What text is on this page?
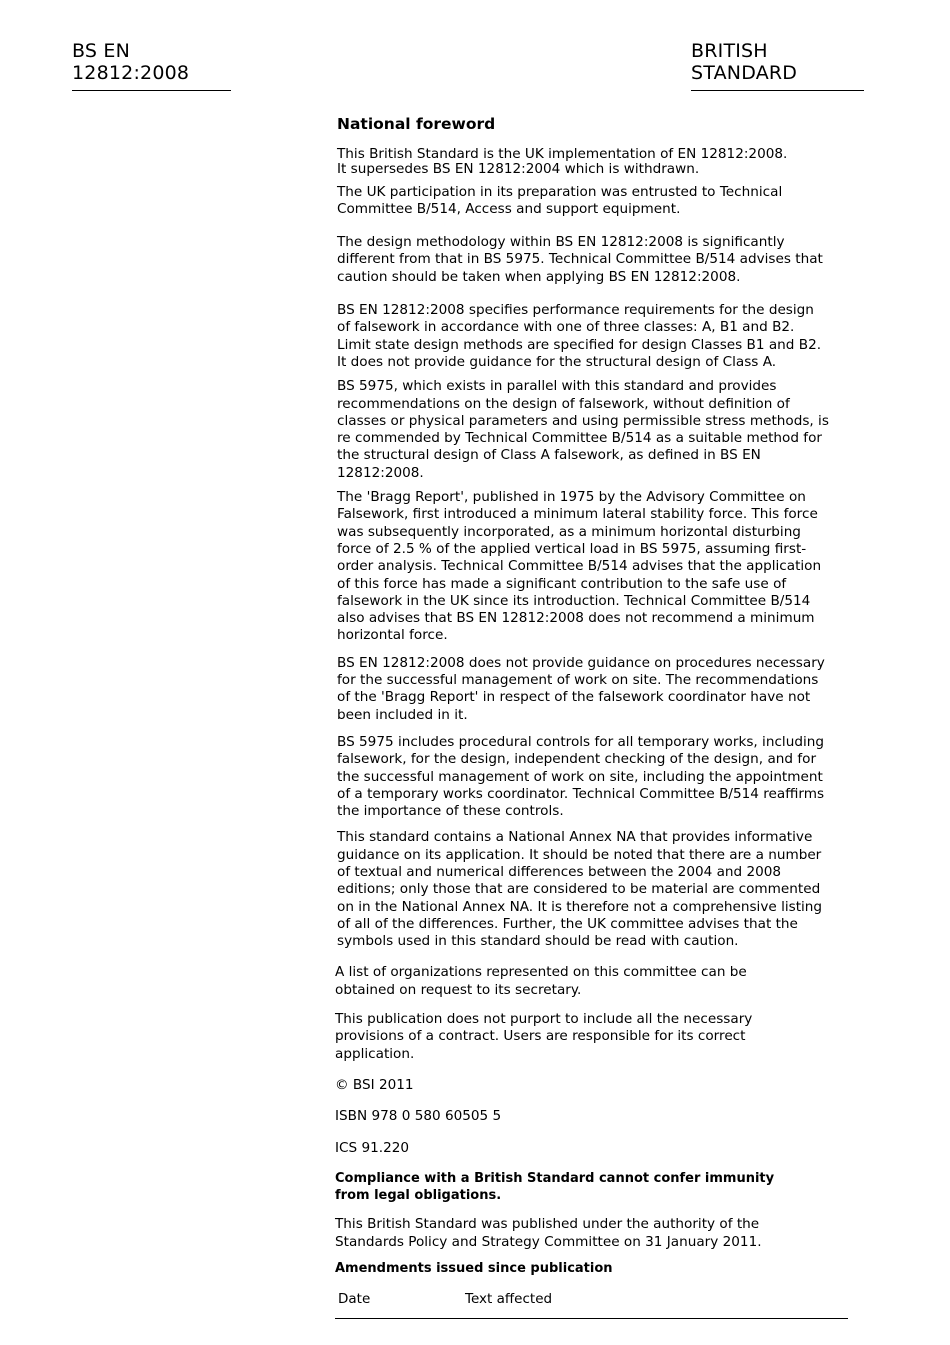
BS EN 12812:2008
BRITISH STANDARD
National foreword

This British Standard is the UK implementation of EN 12812:2008.

It supersedes BS EN 12812:2004 which is withdrawn.

The UK participation in its preparation was entrusted to Technical Committee B/514, Access and support equipment.

The design methodology within BS EN 12812:2008 is significantly different from that in BS 5975. Technical Committee B/514 advises that caution should be taken when applying BS EN 12812:2008.

BS EN 12812:2008 specifies performance requirements for the design of falsework in accordance with one of three classes: A, B1 and B2. Limit state design methods are specified for design Classes B1 and B2. It does not provide guidance for the structural design of Class A.

BS 5975, which exists in parallel with this standard and provides recommendations on the design of falsework, without definition of classes or physical parameters and using permissible stress methods, is re commended by Technical Committee B/514 as a suitable method for the structural design of Class A falsework, as defined in BS EN 12812:2008.

The 'Bragg Report', published in 1975 by the Advisory Committee on Falsework, first introduced a minimum lateral stability force. This force was subsequently incorporated, as a minimum horizontal disturbing force of 2.5 % of the applied vertical load in BS 5975, assuming first-order analysis. Technical Committee B/514 advises that the application of this force has made a significant contribution to the safe use of falsework in the UK since its introduction. Technical Committee B/514 also advises that BS EN 12812:2008 does not recommend a minimum horizontal force.

BS EN 12812:2008 does not provide guidance on procedures necessary for the successful management of work on site. The recommendations of the 'Bragg Report' in respect of the falsework coordinator have not been included in it.

BS 5975 includes procedural controls for all temporary works, including falsework, for the design, independent checking of the design, and for the successful management of work on site, including the appointment of a temporary works coordinator. Technical Committee B/514 reaffirms the importance of these controls.

This standard contains a National Annex NA that provides informative guidance on its application. It should be noted that there are a number of textual and numerical differences between the 2004 and 2008 editions; only those that are considered to be material are commented on in the National Annex NA. It is therefore not a comprehensive listing of all of the differences. Further, the UK committee advises that the symbols used in this standard should be read with caution.

A list of organizations represented on this committee can be obtained on request to its secretary.

This publication does not purport to include all the necessary provisions of a contract. Users are responsible for its correct application.

© BSI 2011

ISBN 978 0 580 60505 5

ICS 91.220

Compliance with a British Standard cannot confer immunity from legal obligations.

This British Standard was published under the authority of the Standards Policy and Strategy Committee on 31 January 2011.

Amendments issued since publication

Date	Text affected
